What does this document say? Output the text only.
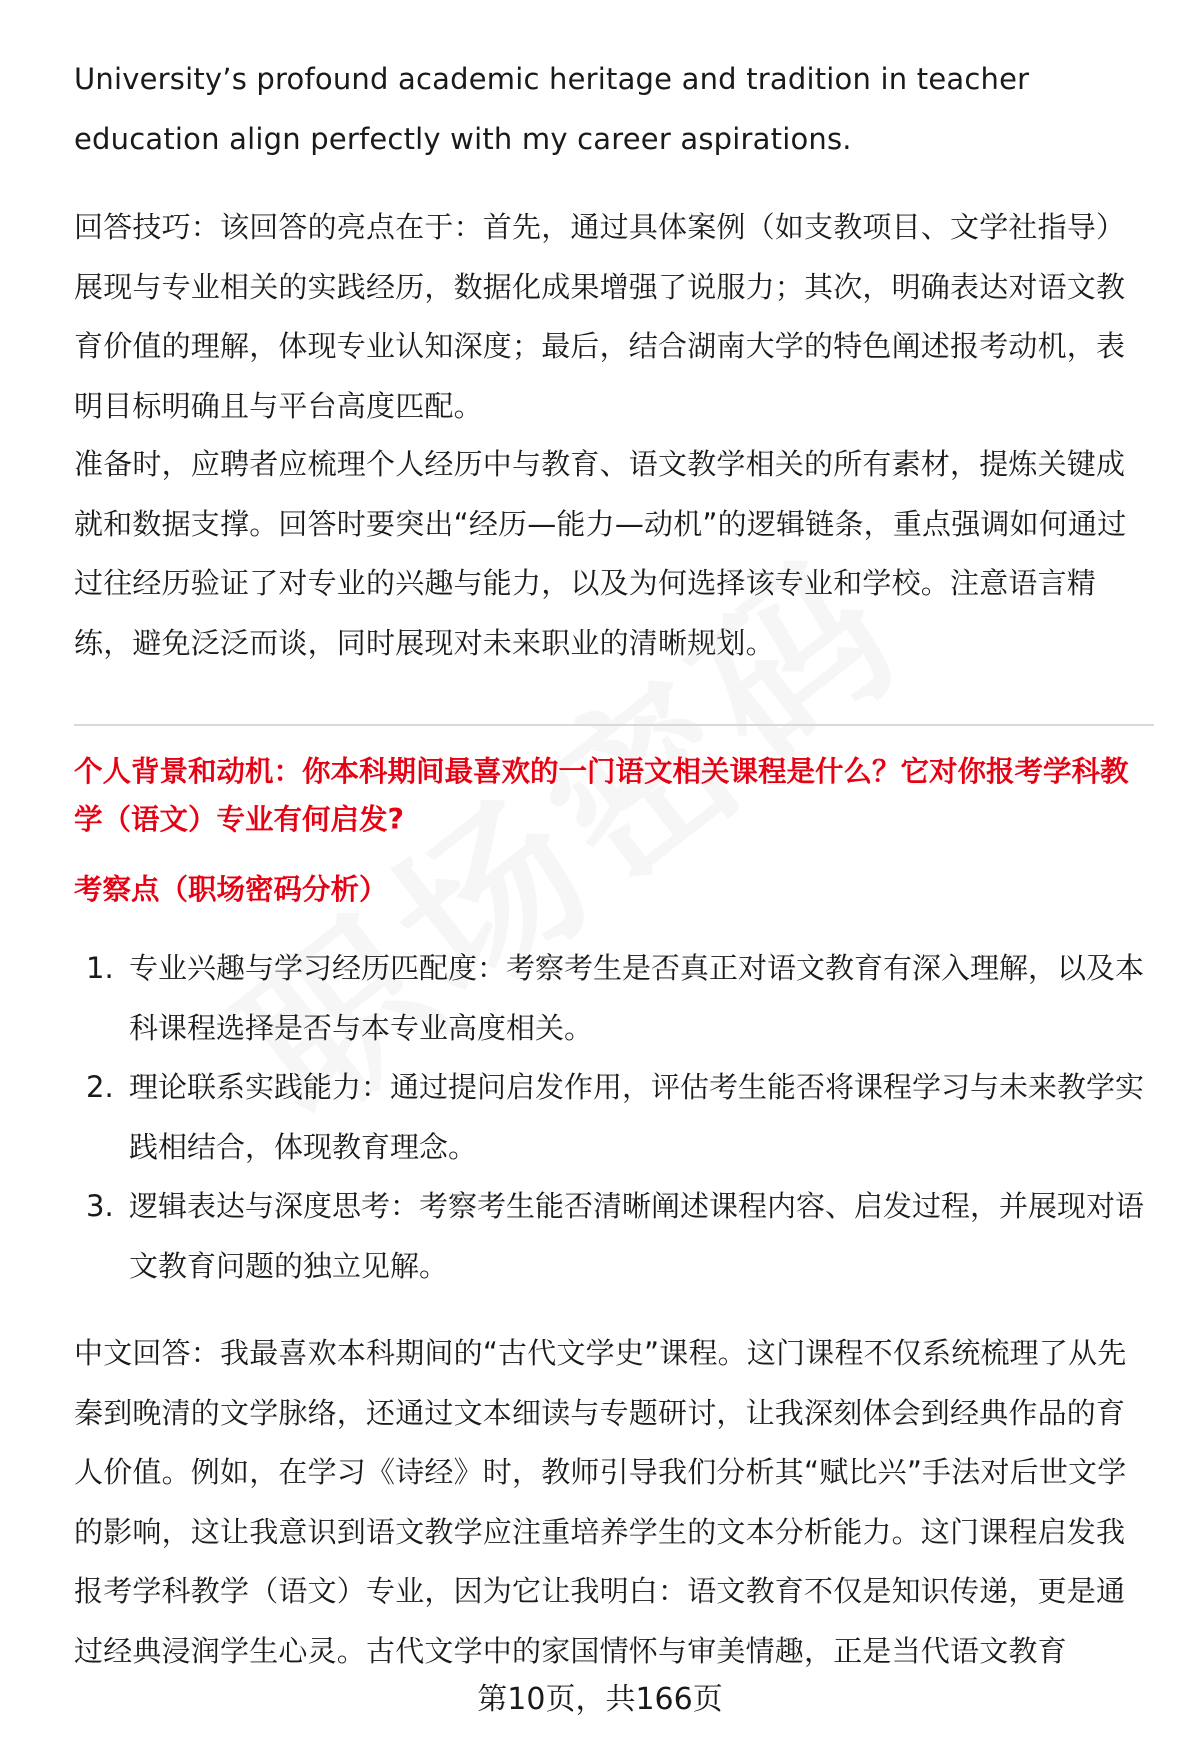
University’s profound academic heritage and tradition in teacher education align perfectly with my career aspirations.

回答技巧：该回答的亮点在于：首先，通过具体案例（如支教项目、文学社指导）展现与专业相关的实践经历，数据化成果增强了说服力；其次，明确表达对语文教育价值的理解，体现专业认知深度；最后，结合湖南大学的特色阐述报考动机，表明目标明确且与平台高度匹配。

准备时，应聘者应梳理个人经历中与教育、语文教学相关的所有素材，提炼关键成就和数据支撑。回答时要突出“经历—能力—动机”的逻辑链条，重点强调如何通过过往经历验证了对专业的兴趣与能力，以及为何选择该专业和学校。注意语言精练，避免泛泛而谈，同时展现对未来职业的清晰规划。

个人背景和动机：你本科期间最喜欢的一门语文相关课程是什么？它对你报考学科教学（语文）专业有何启发?

考察点（职场密码分析）

1. 专业兴趣与学习经历匹配度：考察考生是否真正对语文教育有深入理解，以及本科课程选择是否与本专业高度相关。
2. 理论联系实践能力：通过提问启发作用，评估考生能否将课程学习与未来教学实践相结合，体现教育理念。
3. 逻辑表达与深度思考：考察考生能否清晰阐述课程内容、启发过程，并展现对语文教育问题的独立见解。

中文回答：我最喜欢本科期间的“古代文学史”课程。这门课程不仅系统梳理了从先秦到晚清的文学脉络，还通过文本细读与专题研讨，让我深刻体会到经典作品的育人价值。例如，在学习《诗经》时，教师引导我们分析其“赋比兴”手法对后世文学的影响，这让我意识到语文教学应注重培养学生的文本分析能力。这门课程启发我报考学科教学（语文）专业，因为它让我明白：语文教育不仅是知识传递，更是通过经典浸润学生心灵。古代文学中的家国情怀与审美情趣，正是当代语文教育

第10页，共166页
